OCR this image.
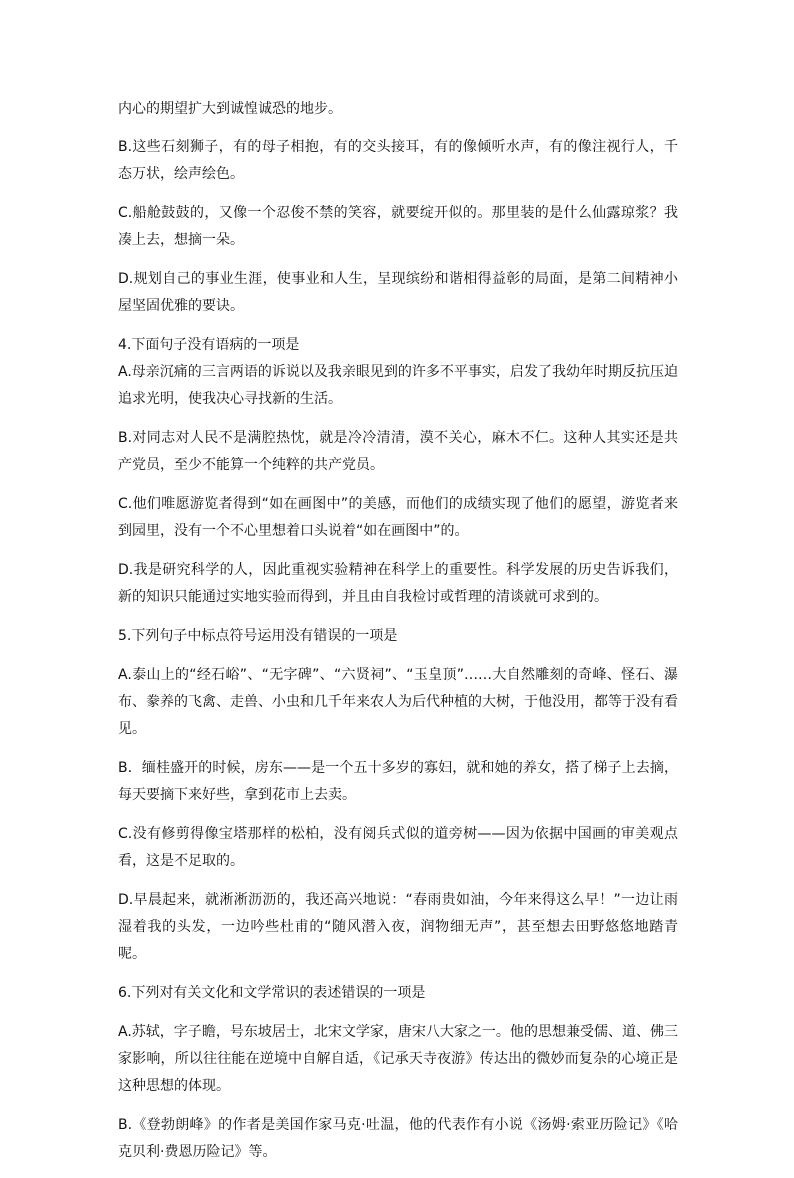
内心的期望扩大到诚惶诚恐的地步。

B.这些石刻狮子，有的母子相抱，有的交头接耳，有的像倾听水声，有的像注视行人，千态万状，绘声绘色。

C.船舱鼓鼓的，又像一个忍俊不禁的笑容，就要绽开似的。那里装的是什么仙露琼浆？我凑上去，想摘一朵。

D.规划自己的事业生涯，使事业和人生，呈现缤纷和谐相得益彰的局面，是第二间精神小屋坚固优雅的要诀。

4.下面句子没有语病的一项是

A.母亲沉痛的三言两语的诉说以及我亲眼见到的许多不平事实，启发了我幼年时期反抗压迫追求光明，使我决心寻找新的生活。

B.对同志对人民不是满腔热忱，就是冷冷清清，漠不关心，麻木不仁。这种人其实还是共产党员，至少不能算一个纯粹的共产党员。

C.他们唯愿游览者得到“如在画图中”的美感，而他们的成绩实现了他们的愿望，游览者来到园里，没有一个不心里想着口头说着“如在画图中”的。

D.我是研究科学的人，因此重视实验精神在科学上的重要性。科学发展的历史告诉我们，新的知识只能通过实地实验而得到，并且由自我检讨或哲理的清谈就可求到的。

5.下列句子中标点符号运用没有错误的一项是

A.泰山上的“经石峪”、“无字碑”、“六贤祠”、“玉皇顶”……大自然雕刻的奇峰、怪石、瀑布、豢养的飞禽、走兽、小虫和几千年来农人为后代种植的大树，于他没用，都等于没有看见。

B．缅桂盛开的时候，房东——是一个五十多岁的寡妇，就和她的养女，搭了梯子上去摘，每天要摘下来好些，拿到花市上去卖。

C.没有修剪得像宝塔那样的松柏，没有阅兵式似的道旁树——因为依据中国画的审美观点看，这是不足取的。

D.早晨起来，就淅淅沥沥的，我还高兴地说：“春雨贵如油，今年来得这么早！”一边让雨湿着我的头发，一边吟些杜甫的“随风潜入夜，润物细无声”，甚至想去田野悠悠地踏青呢。

6.下列对有关文化和文学常识的表述错误的一项是

A.苏轼，字子瞻，号东坡居士，北宋文学家，唐宋八大家之一。他的思想兼受儒、道、佛三家影响，所以往往能在逆境中自解自适，《记承天寺夜游》传达出的微妙而复杂的心境正是这种思想的体现。

B.《登勃朗峰》的作者是美国作家马克·吐温，他的代表作有小说《汤姆·索亚历险记》《哈克贝利·费恩历险记》等。
